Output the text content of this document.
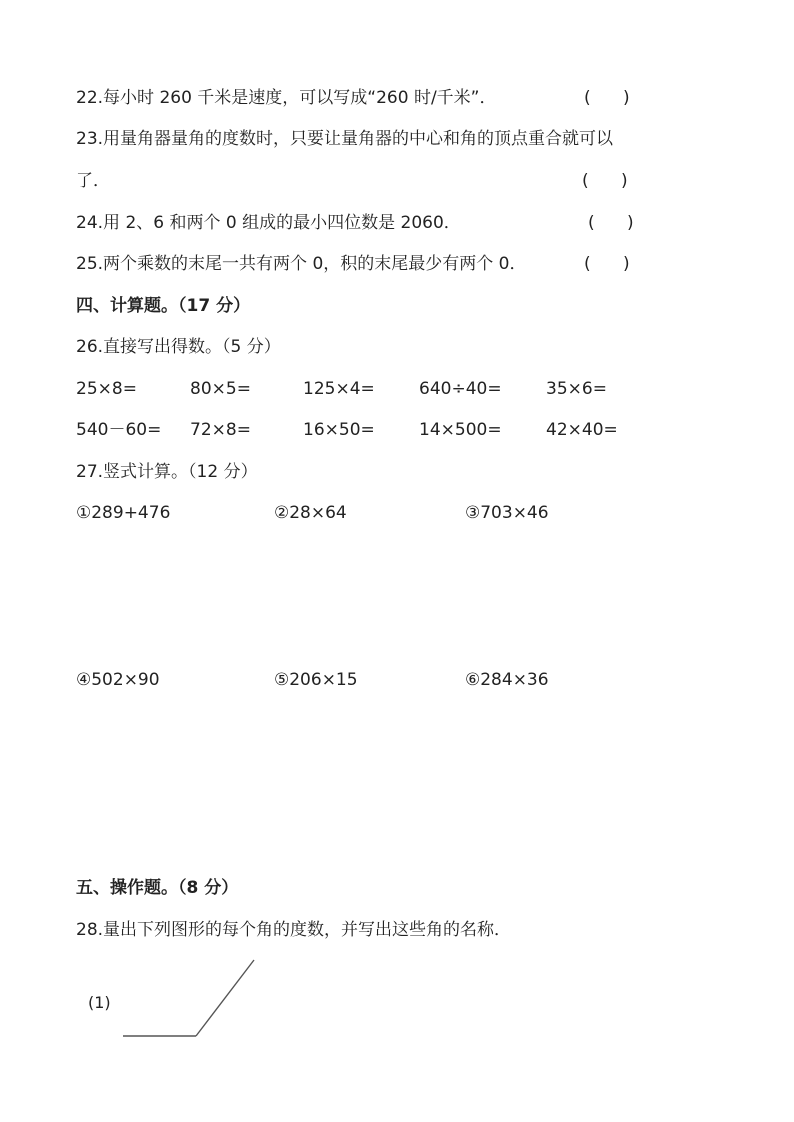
22.每小时 260 千米是速度，可以写成“260 时/千米”．	(      )
23.用量角器量角的度数时，只要让量角器的中心和角的顶点重合就可以
了．	(      )
24.用 2、6 和两个 0 组成的最小四位数是 2060．	(      )
25.两个乘数的末尾一共有两个 0，积的末尾最少有两个 0．	(      )
四、计算题。（17 分）
26.直接写出得数。（5 分）
25×8=	80×5=	125×4=	640÷40=	35×6=
540－60= 72×8=	16×50=	14×500=	42×40=
27.竖式计算。（12 分）
①289+476	②28×64	③703×46
④502×90	⑤206×15	⑥284×36
五、操作题。（8 分）
28.量出下列图形的每个角的度数，并写出这些角的名称．
(1)
